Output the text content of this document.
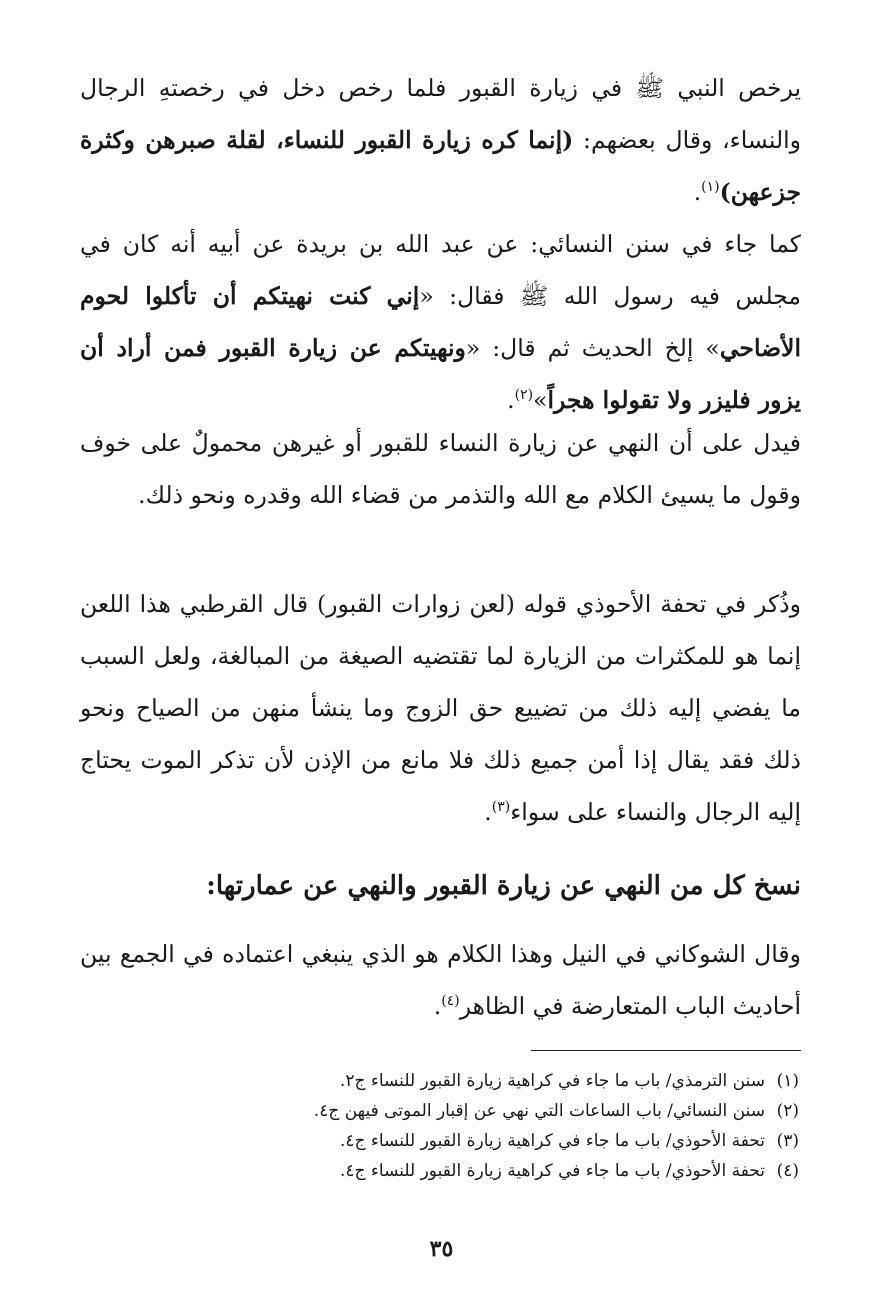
يرخص النبي ﷺ في زيارة القبور فلما رخص دخل في رخصتهِ الرجال والنساء، وقال بعضهم: (إنما كره زيارة القبور للنساء، لقلة صبرهن وكثرة جزعهن)$^{(١)}$.

كما جاء في سنن النسائي: عن عبد الله بن بريدة عن أبيه أنه كان في مجلس فيه رسول الله ﷺ فقال: «إني كنت نهيتكم أن تأكلوا لحوم الأضاحي» إلخ الحديث ثم قال: «ونهيتكم عن زيارة القبور فمن أراد أن يزور فليزر ولا تقولوا هجراً»$^{(٢)}$.

فيدل على أن النهي عن زيارة النساء للقبور أو غيرهن محمولٌ على خوف وقول ما يسيئ الكلام مع الله والتذمر من قضاء الله وقدره ونحو ذلك.

وذُكر في تحفة الأحوذي قوله (لعن زوارات القبور) قال القرطبي هذا اللعن إنما هو للمكثرات من الزيارة لما تقتضيه الصيغة من المبالغة، ولعل السبب ما يفضي إليه ذلك من تضييع حق الزوج وما ينشأ منهن من الصياح ونحو ذلك فقد يقال إذا أمن جميع ذلك فلا مانع من الإذن لأن تذكر الموت يحتاج إليه الرجال والنساء على سواء$^{(٣)}$.

نسخ كل من النهي عن زيارة القبور والنهي عن عمارتها:

وقال الشوكاني في النيل وهذا الكلام هو الذي ينبغي اعتماده في الجمع بين أحاديث الباب المتعارضة في الظاهر$^{(٤)}$.

(١)سنن الترمذي/ باب ما جاء في كراهية زيارة القبور للنساء ج٢.
(٢)سنن النسائي/ باب الساعات التي نهي عن إقبار الموتى فيهن ج٤.
(٣)تحفة الأحوذي/ باب ما جاء في كراهية زيارة القبور للنساء ج٤.
(٤)تحفة الأحوذي/ باب ما جاء في كراهية زيارة القبور للنساء ج٤.
٣٥
